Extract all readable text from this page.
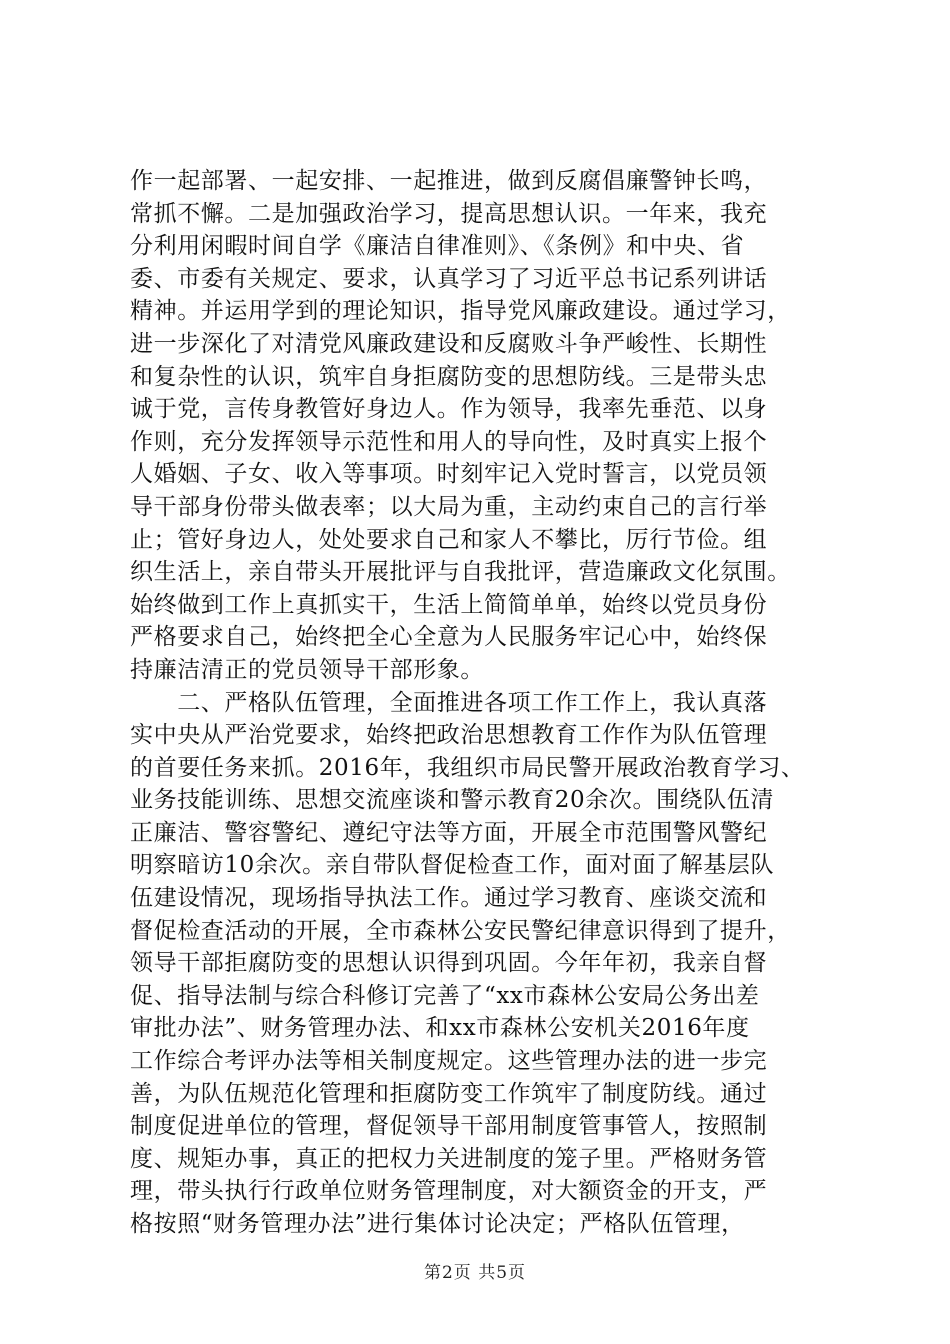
作一起部署、一起安排、一起推进，做到反腐倡廉警钟长鸣，
常抓不懈。二是加强政治学习，提高思想认识。一年来，我充
分利用闲暇时间自学《廉洁自律准则》、《条例》和中央、省
委、市委有关规定、要求，认真学习了习近平总书记系列讲话
精神。并运用学到的理论知识，指导党风廉政建设。通过学习，
进一步深化了对清党风廉政建设和反腐败斗争严峻性、长期性
和复杂性的认识，筑牢自身拒腐防变的思想防线。三是带头忠
诚于党，言传身教管好身边人。作为领导，我率先垂范、以身
作则，充分发挥领导示范性和用人的导向性，及时真实上报个
人婚姻、子女、收入等事项。时刻牢记入党时誓言，以党员领
导干部身份带头做表率；以大局为重，主动约束自己的言行举
止；管好身边人，处处要求自己和家人不攀比，厉行节俭。组
织生活上，亲自带头开展批评与自我批评，营造廉政文化氛围。
始终做到工作上真抓实干，生活上简简单单，始终以党员身份
严格要求自己，始终把全心全意为人民服务牢记心中，始终保
持廉洁清正的党员领导干部形象。
　　二、严格队伍管理，全面推进各项工作工作上，我认真落
实中央从严治党要求，始终把政治思想教育工作作为队伍管理
的首要任务来抓。2016年，我组织市局民警开展政治教育学习、
业务技能训练、思想交流座谈和警示教育20余次。围绕队伍清
正廉洁、警容警纪、遵纪守法等方面，开展全市范围警风警纪
明察暗访10余次。亲自带队督促检查工作，面对面了解基层队
伍建设情况，现场指导执法工作。通过学习教育、座谈交流和
督促检查活动的开展，全市森林公安民警纪律意识得到了提升，
领导干部拒腐防变的思想认识得到巩固。今年年初，我亲自督
促、指导法制与综合科修订完善了“xx市森林公安局公务出差
审批办法”、财务管理办法、和xx市森林公安机关2016年度
工作综合考评办法等相关制度规定。这些管理办法的进一步完
善，为队伍规范化管理和拒腐防变工作筑牢了制度防线。通过
制度促进单位的管理，督促领导干部用制度管事管人，按照制
度、规矩办事，真正的把权力关进制度的笼子里。严格财务管
理，带头执行行政单位财务管理制度，对大额资金的开支，严
格按照“财务管理办法”进行集体讨论决定；严格队伍管理，
第2页 共5页
